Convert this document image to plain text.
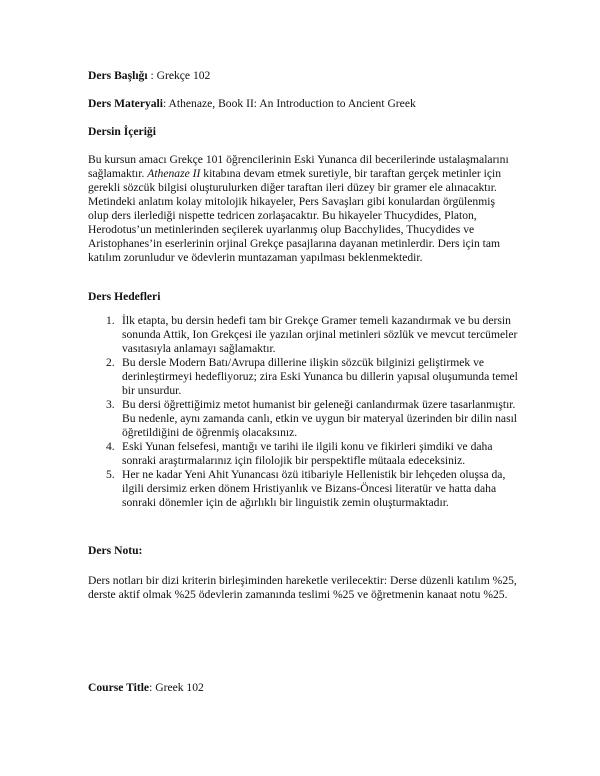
Ders Başlığı : Grekçe 102
Ders Materyali: Athenaze, Book II: An Introduction to Ancient Greek
Dersin İçeriği
Bu kursun amacı Grekçe 101 öğrencilerinin Eski Yunanca dil becerilerinde ustalaşmalarını sağlamaktır. Athenaze II kitabına devam etmek suretiyle, bir taraftan gerçek metinler için gerekli sözcük bilgisi oluşturulurken diğer taraftan ileri düzey bir gramer ele alınacaktır. Metindeki anlatım kolay mitolojik hikayeler, Pers Savaşları gibi konulardan örgülenmiş olup ders ilerlediği nispette tedricen zorlaşacaktır. Bu hikayeler Thucydides, Platon, Herodotus’un metinlerinden seçilerek uyarlanmış olup Bacchylides, Thucydides ve Aristophanes’in eserlerinin orjinal Grekçe pasajlarına dayanan metinlerdir. Ders için tam katılım zorunludur ve ödevlerin muntazaman yapılması beklenmektedir.
Ders Hedefleri
1. İlk etapta, bu dersin hedefi tam bir Grekçe Gramer temeli kazandırmak ve bu dersin sonunda Attik, Ion Grekçesi ile yazılan orjinal metinleri sözlük ve mevcut tercümeler vasıtasıyla anlamayı sağlamaktır.
2. Bu dersle Modern Batı/Avrupa dillerine ilişkin sözcük bilginizi geliştirmek ve derinleştirmeyi hedefliyoruz; zira Eski Yunanca bu dillerin yapısal oluşumunda temel bir unsurdur.
3. Bu dersi öğrettiğimiz metot humanist bir geleneği canlandırmak üzere tasarlanmıştır. Bu nedenle, aynı zamanda canlı, etkin ve uygun bir materyal üzerinden bir dilin nasıl öğretildiğini de öğrenmiş olacaksınız.
4. Eski Yunan felsefesi, mantığı ve tarihi ile ilgili konu ve fikirleri şimdiki ve daha sonraki araştırmalarınız için filolojik bir perspektifle mütaala edeceksiniz.
5. Her ne kadar Yeni Ahit Yunancası özü itibariyle Hellenistik bir lehçeden oluşsa da, ilgili dersimiz erken dönem Hristiyanlık ve Bizans-Öncesi literatür ve hatta daha sonraki dönemler için de ağırlıklı bir linguistik zemin oluşturmaktadır.
Ders Notu:
Ders notları bir dizi kriterin birleşiminden hareketle verilecektir: Derse düzenli katılım %25, derste aktif olmak %25 ödevlerin zamanında teslimi %25 ve öğretmenin kanaat notu %25.
Course Title: Greek 102
